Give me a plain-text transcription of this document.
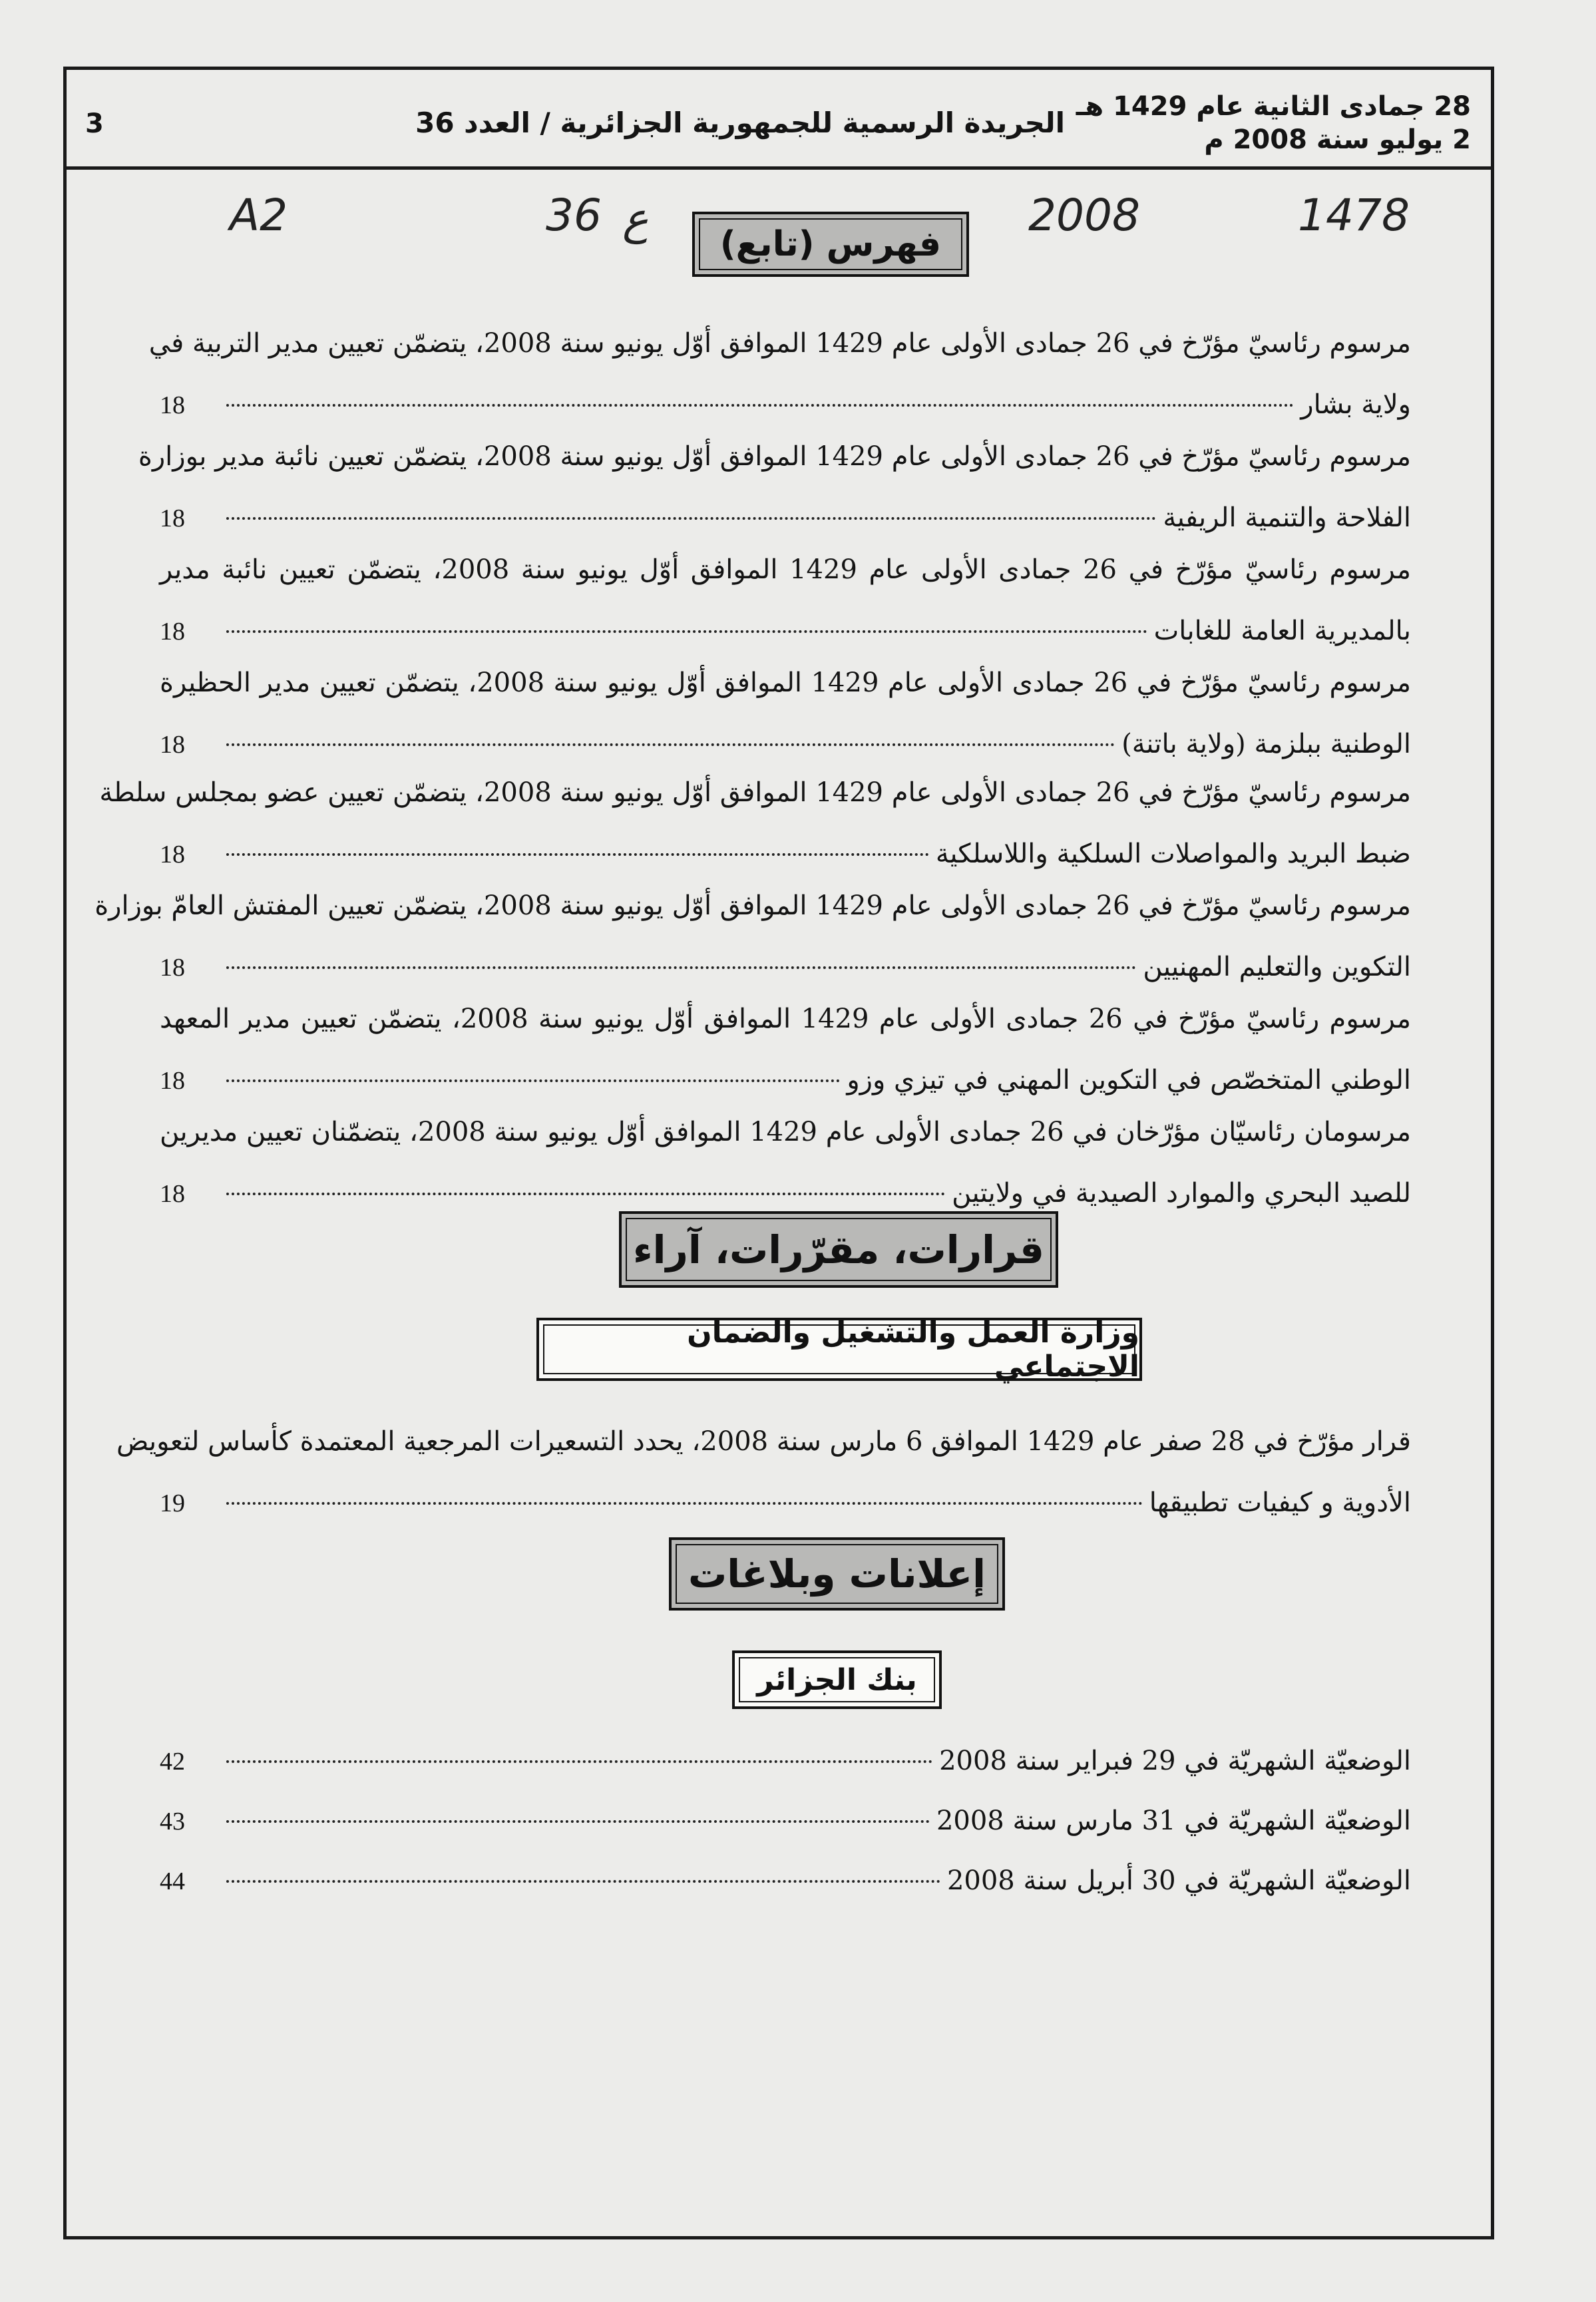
28 جمادى الثانية عام 1429 هـ
2 يوليو سنة 2008 م
الجريدة الرسمية للجمهورية الجزائرية / العدد 36
3
A2	36 ع	2008	1478
فهرس (تابع)
مرسوم رئاسيّ مؤرّخ في 26 جمادى الأولى عام 1429 الموافق أوّل يونيو سنة 2008، يتضمّن تعيين مدير التربية في
ولاية بشار
18
مرسوم رئاسيّ مؤرّخ في 26 جمادى الأولى عام 1429 الموافق أوّل يونيو سنة 2008، يتضمّن تعيين نائبة مدير بوزارة
الفلاحة والتنمية الريفية
18
مرسوم رئاسيّ مؤرّخ في 26 جمادى الأولى عام 1429 الموافق أوّل يونيو سنة 2008، يتضمّن تعيين نائبة مدير
بالمديرية العامة للغابات
18
مرسوم رئاسيّ مؤرّخ في 26 جمادى الأولى عام 1429 الموافق أوّل يونيو سنة 2008، يتضمّن تعيين مدير الحظيرة
الوطنية ببلزمة (ولاية باتنة)
18
مرسوم رئاسيّ مؤرّخ في 26 جمادى الأولى عام 1429 الموافق أوّل يونيو سنة 2008، يتضمّن تعيين عضو بمجلس سلطة
ضبط البريد والمواصلات السلكية واللاسلكية
18
مرسوم رئاسيّ مؤرّخ في 26 جمادى الأولى عام 1429 الموافق أوّل يونيو سنة 2008، يتضمّن تعيين المفتش العامّ بوزارة
التكوين والتعليم المهنيين
18
مرسوم رئاسيّ مؤرّخ في 26 جمادى الأولى عام 1429 الموافق أوّل يونيو سنة 2008، يتضمّن تعيين مدير المعهد
الوطني المتخصّص في التكوين المهني في تيزي وزو
18
مرسومان رئاسيّان مؤرّخان في 26 جمادى الأولى عام 1429 الموافق أوّل يونيو سنة 2008، يتضمّنان تعيين مديرين
للصيد البحري والموارد الصيدية في ولايتين
18
قرارات، مقرّرات، آراء
وزارة العمل والتشغيل والضمان الاجتماعي
قرار مؤرّخ في 28 صفر عام 1429 الموافق 6 مارس سنة 2008، يحدد التسعيرات المرجعية المعتمدة كأساس لتعويض
الأدوية و كيفيات تطبيقها
19
إعلانات وبلاغات
بنك الجزائر
الوضعيّة الشهريّة في 29 فبراير سنة 2008
42
الوضعيّة الشهريّة في 31 مارس سنة 2008
43
الوضعيّة الشهريّة في 30 أبريل سنة 2008
44
